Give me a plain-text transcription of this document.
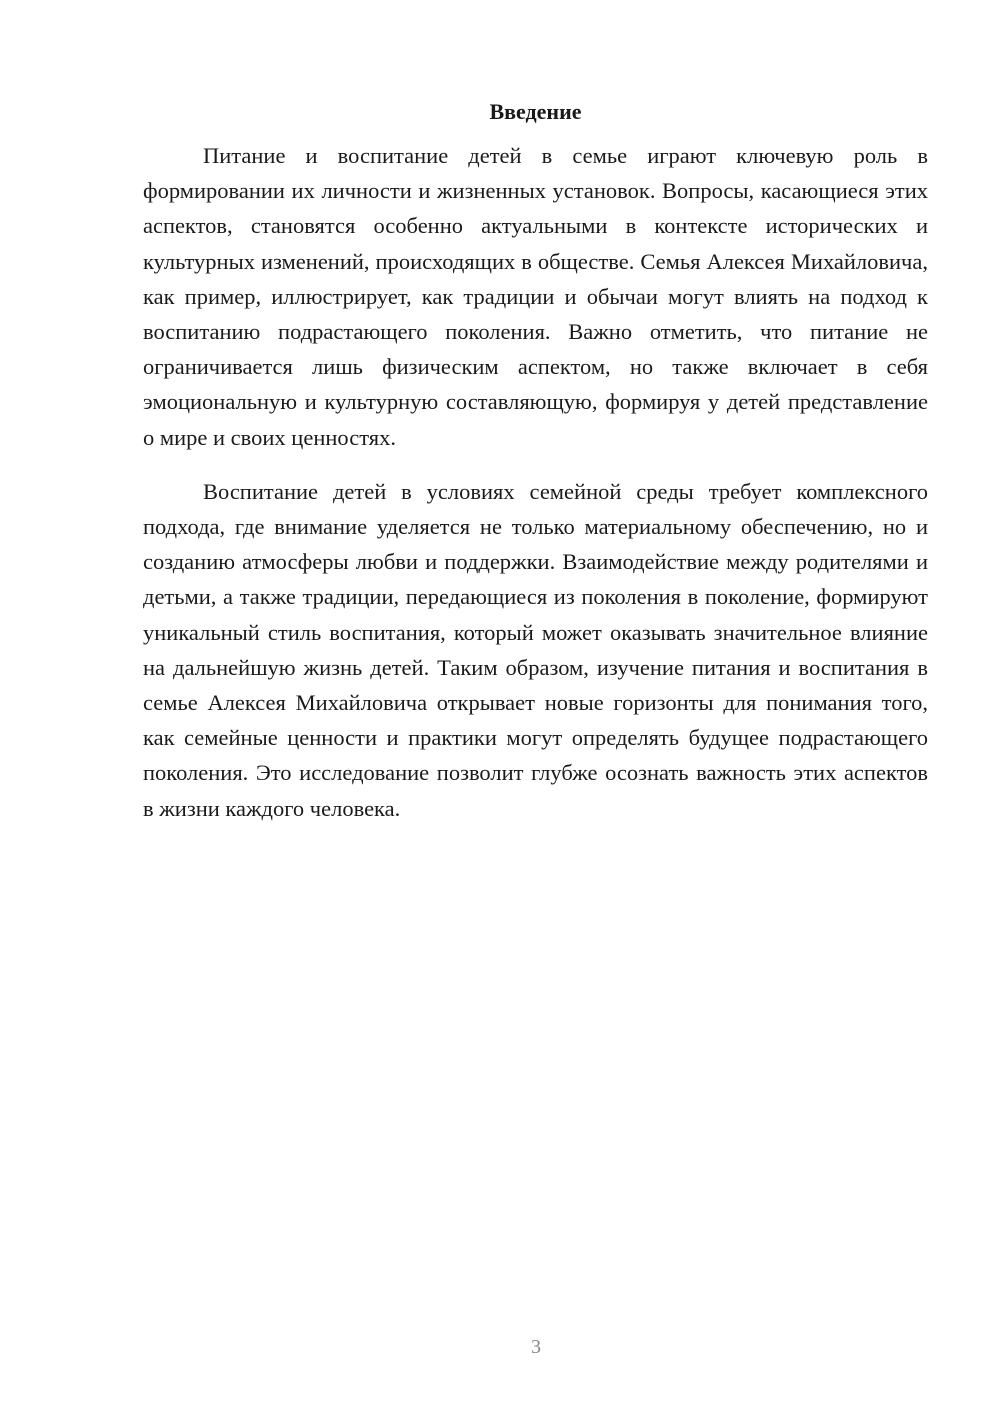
Введение

Питание и воспитание детей в семье играют ключевую роль в формировании их личности и жизненных установок. Вопросы, касающиеся этих аспектов, становятся особенно актуальными в контексте исторических и культурных изменений, происходящих в обществе. Семья Алексея Михайловича, как пример, иллюстрирует, как традиции и обычаи могут влиять на подход к воспитанию подрастающего поколения. Важно отметить, что питание не ограничивается лишь физическим аспектом, но также включает в себя эмоциональную и культурную составляющую, формируя у детей представление о мире и своих ценностях.

Воспитание детей в условиях семейной среды требует комплексного подхода, где внимание уделяется не только материальному обеспечению, но и созданию атмосферы любви и поддержки. Взаимодействие между родителями и детьми, а также традиции, передающиеся из поколения в поколение, формируют уникальный стиль воспитания, который может оказывать значительное влияние на дальнейшую жизнь детей. Таким образом, изучение питания и воспитания в семье Алексея Михайловича открывает новые горизонты для понимания того, как семейные ценности и практики могут определять будущее подрастающего поколения. Это исследование позволит глубже осознать важность этих аспектов в жизни каждого человека.

3
